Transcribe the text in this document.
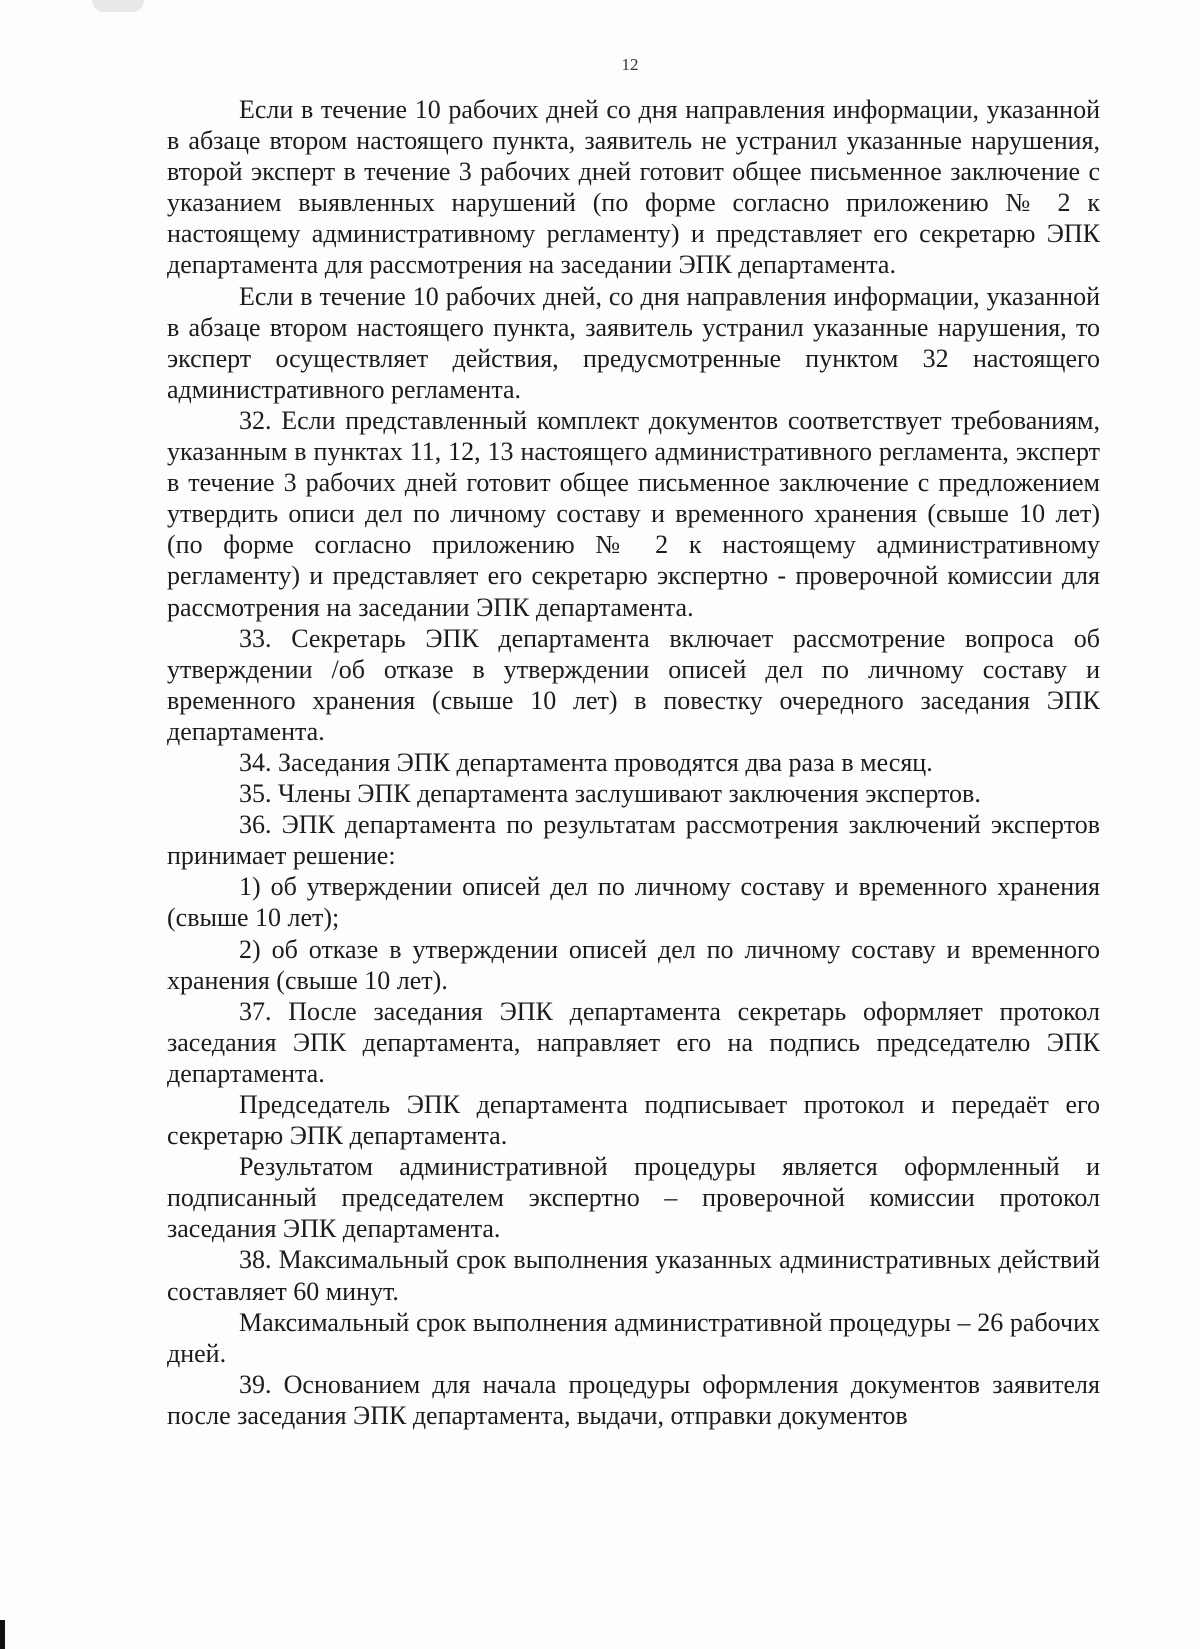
12

Если в течение 10 рабочих дней со дня направления информации, указанной в абзаце втором настоящего пункта, заявитель не устранил указанные нарушения, второй эксперт в течение 3 рабочих дней готовит общее письменное заключение с указанием выявленных нарушений (по форме согласно приложению № 2 к настоящему административному регламенту) и представляет его секретарю ЭПК департамента для рассмотрения на заседании ЭПК департамента.

Если в течение 10 рабочих дней, со дня направления информации, указанной в абзаце втором настоящего пункта, заявитель устранил указанные нарушения, то эксперт осуществляет действия, предусмотренные пунктом 32 настоящего административного регламента.

32. Если представленный комплект документов соответствует требованиям, указанным в пунктах 11, 12, 13 настоящего административного регламента, эксперт в течение 3 рабочих дней готовит общее письменное заключение с предложением утвердить описи дел по личному составу и временного хранения (свыше 10 лет) (по форме согласно приложению № 2 к настоящему административному регламенту) и представляет его секретарю экспертно - проверочной комиссии для рассмотрения на заседании ЭПК департамента.

33. Секретарь ЭПК департамента включает рассмотрение вопроса об утверждении /об отказе в утверждении описей дел по личному составу и временного хранения (свыше 10 лет) в повестку очередного заседания ЭПК департамента.

34. Заседания ЭПК департамента проводятся два раза в месяц.

35. Члены ЭПК департамента заслушивают заключения экспертов.

36. ЭПК департамента по результатам рассмотрения заключений экспертов принимает решение:

1) об утверждении описей дел по личному составу и временного хранения (свыше 10 лет);

2) об отказе в утверждении описей дел по личному составу и временного хранения (свыше 10 лет).

37. После заседания ЭПК департамента секретарь оформляет протокол заседания ЭПК департамента, направляет его на подпись председателю ЭПК департамента.

Председатель ЭПК департамента подписывает протокол и передаёт его секретарю ЭПК департамента.

Результатом административной процедуры является оформленный и подписанный председателем экспертно – проверочной комиссии протокол заседания ЭПК департамента.

38. Максимальный срок выполнения указанных административных действий составляет 60 минут.

Максимальный срок выполнения административной процедуры – 26 рабочих дней.

39. Основанием для начала процедуры оформления документов заявителя после заседания ЭПК департамента, выдачи, отправки документов
